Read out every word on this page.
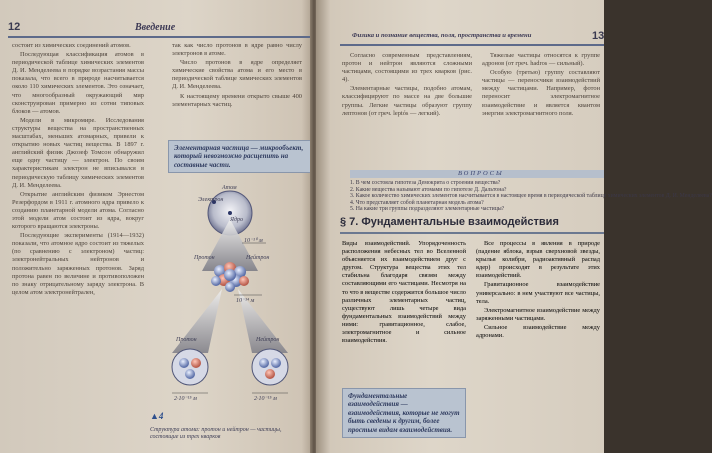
12	Введение

состоит из химических соединений атомов.

Последующая классификация атомов в периодической таблице химических элементов Д. И. Менделеева в порядке возрастания массы показала, что всего в природе насчитывается около 110 химических элементов. Это означает, что многообразный окружающий мир сконструирован примерно из сотни типовых блоков — атомов.

Модели в микромире. Исследования структуры вещества на пространственных масштабах, меньших атомарных, привели к открытию новых частиц вещества. В 1897 г. английский физик Джозеф Томсон обнаружил еще одну частицу — электрон. По своим характеристикам электрон не вписывался в периодическую таблицу химических элементов Д. И. Менделеева.

Открытие английским физиком Эрнестом Резерфордом в 1911 г. атомного ядра привело к созданию планетарной модели атома. Согласно этой модели атом состоит из ядра, вокруг которого вращаются электроны.

Последующие эксперименты (1914—1932) показали, что атомное ядро состоит из тяжелых (по сравнению с электроном) частиц: электронейтральных нейтронов и положительно заряженных протонов. Заряд протона равен по величине и противоположен по знаку отрицательному заряду электрона. В целом атом электронейтрален,

так как число протонов в ядре равно числу электронов в атоме.

Число протонов в ядре определяет химические свойства атома и его место в периодической таблице химических элементов Д. И. Менделеева.

К настоящему времени открыто свыше 400 элементарных частиц.

Элементарная частица — микрообъект, который невозможно расщепить на составные части.
Атом
Электрон
Ядро
10⁻¹⁰ м
Протон	Нейтрон
10⁻¹⁴ м
Протон	Нейтрон
2·10⁻¹⁵ м	2·10⁻¹⁵ м
▲4
Структура атома: протон и нейтрон — частицы, состоящие из трех кварков
Физика и познание вещества, поля, пространства и времени	13

Согласно современным представлениям, протон и нейтрон являются сложными частицами, состоящими из трех кварков (рис. 4).

Элементарные частицы, подобно атомам, классифицируют по массе на две большие группы. Легкие частицы образуют группу лептонов (от греч. leptós — легкий).

Тяжелые частицы относятся к группе адронов (от греч. hadros — сильный).

Особую (третью) группу составляют частицы — переносчики взаимодействий между частицами. Например, фотон переносит электромагнитное взаимодействие и является квантом энергии электромагнитного поля.

ВОПРОСЫ
1. В чем состояла гипотеза Демокрита о строении вещества?
2. Какие вещества называют атомами по гипотезе Д. Дальтона?
3. Какое количество химических элементов насчитывается в настоящее время в периодической таблице химических элементов Д. И. Менделеева?
4. Что представляет собой планетарная модель атома?
5. На какие три группы подразделяют элементарные частицы?
§ 7. Фундаментальные взаимодействия

Виды взаимодействий. Упорядоченность расположения небесных тел во Вселенной объясняется их взаимодействием друг с другом. Структура вещества этих тел стабильна благодаря связям между составляющими его частицами. Несмотря на то что в веществе содержится большое число различных элементарных частиц, существуют лишь четыре вида фундаментальных взаимодействий между ними: гравитационное, слабое, электромагнитное и сильное взаимодействия.

Фундаментальные взаимодействия — взаимодействия, которые не могут быть сведены к другим, более простым видам взаимодействия.

Все процессы в явления в природе (падение яблока, взрыв сверхновой звезды, крылья колибри, радиоактивный распад ядер) происходят в результате этих взаимодействий.

Гравитационное взаимодействие универсально: в нем участвуют все частицы, тела.

Электромагнитное взаимодействие между заряженными частицами.

Сильное взаимодействие между адронами.
